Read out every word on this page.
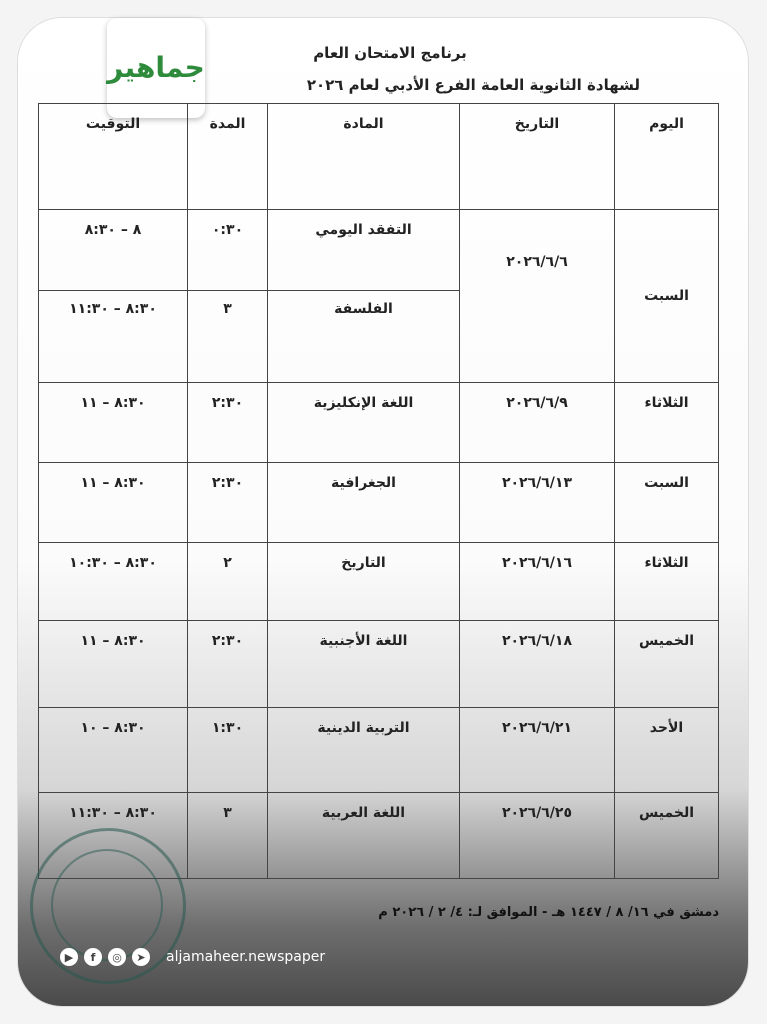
برنامج الامتحان العام
لشهادة الثانوية العامة الفرع الأدبي لعام ٢٠٢٦
جماهير
اليوم	التاريخ	المادة	المدة	التوقيت
السبت	٢٠٢٦/٦/٦	التفقد اليومي	٠:٣٠	٨ – ٨:٣٠
		الفلسفة	٣	٨:٣٠ – ١١:٣٠
الثلاثاء	٢٠٢٦/٦/٩	اللغة الإنكليزية	٢:٣٠	٨:٣٠ – ١١
السبت	٢٠٢٦/٦/١٣	الجغرافية	٢:٣٠	٨:٣٠ – ١١
الثلاثاء	٢٠٢٦/٦/١٦	التاريخ	٢	٨:٣٠ – ١٠:٣٠
الخميس	٢٠٢٦/٦/١٨	اللغة الأجنبية	٢:٣٠	٨:٣٠ – ١١
الأحد	٢٠٢٦/٦/٢١	التربية الدينية	١:٣٠	٨:٣٠ – ١٠
الخميس	٢٠٢٦/٦/٢٥	اللغة العربية	٣	٨:٣٠ – ١١:٣٠
دمشق في ١٦/ ٨ / ١٤٤٧ هـ - الموافق لـ: ٤/ ٢ / ٢٠٢٦ م
▶	f	◎	➤	aljamaheer.newspaper
